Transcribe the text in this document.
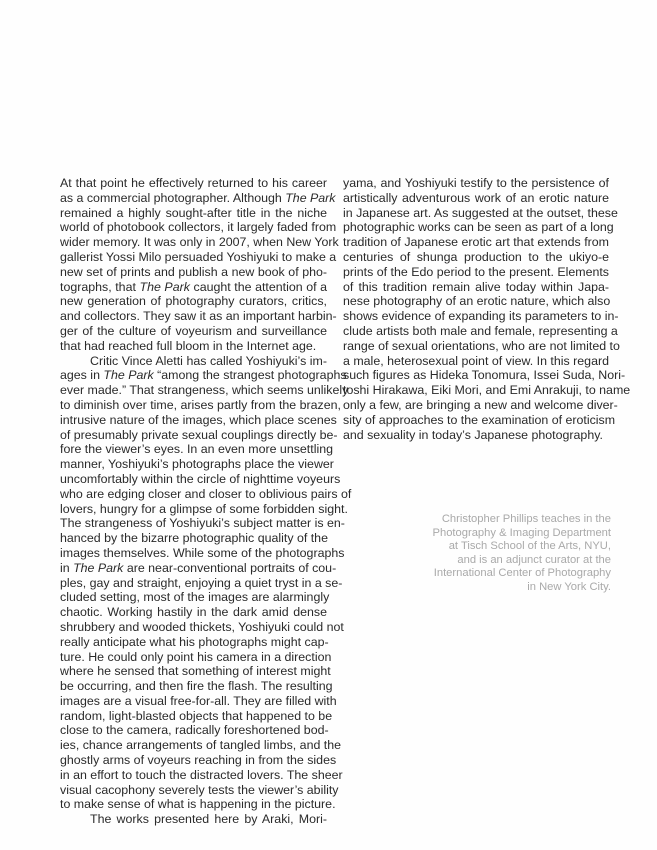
At that point he effectively returned to his career
as a commercial photographer. Although The Park
remained a highly sought-after title in the niche
world of photobook collectors, it largely faded from
wider memory. It was only in 2007, when New York
gallerist Yossi Milo persuaded Yoshiyuki to make a
new set of prints and publish a new book of pho-
tographs, that The Park caught the attention of a
new generation of photography curators, critics,
and collectors. They saw it as an important harbin-
ger of the culture of voyeurism and surveillance
that had reached full bloom in the Internet age.
Critic Vince Aletti has called Yoshiyuki’s im-
ages in The Park “among the strangest photographs
ever made.” That strangeness, which seems unlikely
to diminish over time, arises partly from the brazen,
intrusive nature of the images, which place scenes
of presumably private sexual couplings directly be-
fore the viewer’s eyes. In an even more unsettling
manner, Yoshiyuki’s photographs place the viewer
uncomfortably within the circle of nighttime voyeurs
who are edging closer and closer to oblivious pairs of
lovers, hungry for a glimpse of some forbidden sight.
The strangeness of Yoshiyuki’s subject matter is en-
hanced by the bizarre photographic quality of the
images themselves. While some of the photographs
in The Park are near-conventional portraits of cou-
ples, gay and straight, enjoying a quiet tryst in a se-
cluded setting, most of the images are alarmingly
chaotic. Working hastily in the dark amid dense
shrubbery and wooded thickets, Yoshiyuki could not
really anticipate what his photographs might cap-
ture. He could only point his camera in a direction
where he sensed that something of interest might
be occurring, and then fire the flash. The resulting
images are a visual free-for-all. They are filled with
random, light-blasted objects that happened to be
close to the camera, radically foreshortened bod-
ies, chance arrangements of tangled limbs, and the
ghostly arms of voyeurs reaching in from the sides
in an effort to touch the distracted lovers. The sheer
visual cacophony severely tests the viewer’s ability
to make sense of what is happening in the picture.
The works presented here by Araki, Mori-
yama, and Yoshiyuki testify to the persistence of
artistically adventurous work of an erotic nature
in Japanese art. As suggested at the outset, these
photographic works can be seen as part of a long
tradition of Japanese erotic art that extends from
centuries of shunga production to the ukiyo-e
prints of the Edo period to the present. Elements
of this tradition remain alive today within Japa-
nese photography of an erotic nature, which also
shows evidence of expanding its parameters to in-
clude artists both male and female, representing a
range of sexual orientations, who are not limited to
a male, heterosexual point of view. In this regard
such figures as Hideka Tonomura, Issei Suda, Nori-
toshi Hirakawa, Eiki Mori, and Emi Anrakuji, to name
only a few, are bringing a new and welcome diver-
sity of approaches to the examination of eroticism
and sexuality in today’s Japanese photography.
Christopher Phillips teaches in the
Photography & Imaging Department
at Tisch School of the Arts, NYU,
and is an adjunct curator at the
International Center of Photography
in New York City.
